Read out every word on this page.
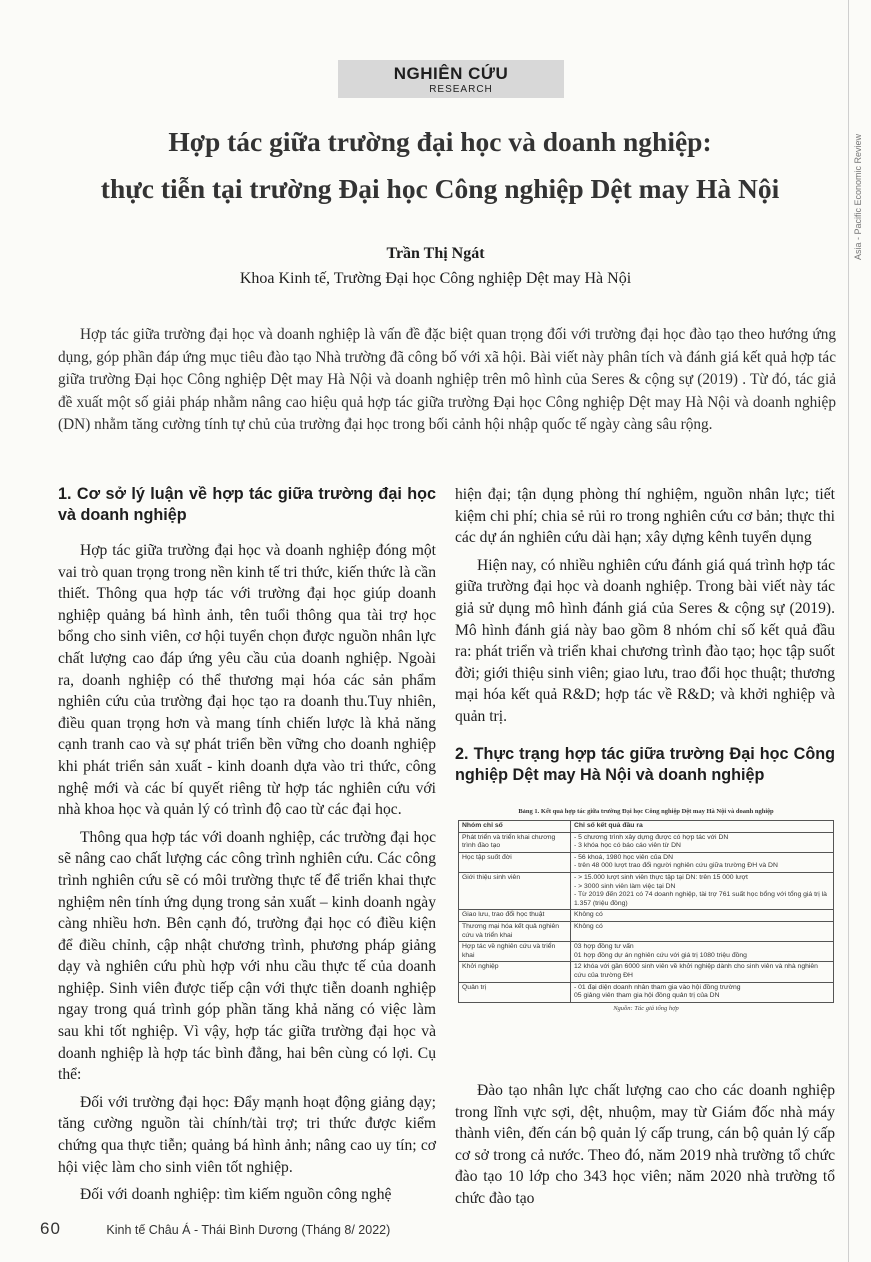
NGHIÊN CỨU
RESEARCH
Asia - Pacific Economic Review
Hợp tác giữa trường đại học và doanh nghiệp:
thực tiễn tại trường Đại học Công nghiệp Dệt may Hà Nội
Trần Thị Ngát
Khoa Kinh tế, Trường Đại học Công nghiệp Dệt may Hà Nội
Hợp tác giữa trường đại học và doanh nghiệp là vấn đề đặc biệt quan trọng đối với trường đại học đào tạo theo hướng ứng dụng, góp phần đáp ứng mục tiêu đào tạo Nhà trường đã công bố với xã hội. Bài viết này phân tích và đánh giá kết quả hợp tác giữa trường Đại học Công nghiệp Dệt may Hà Nội và doanh nghiệp trên mô hình của Seres & cộng sự (2019) . Từ đó, tác giả đề xuất một số giải pháp nhằm nâng cao hiệu quả hợp tác giữa trường Đại học Công nghiệp Dệt may Hà Nội và doanh nghiệp (DN) nhằm tăng cường tính tự chủ của trường đại học trong bối cảnh hội nhập quốc tế ngày càng sâu rộng.
1. Cơ sở lý luận về hợp tác giữa trường đại học và doanh nghiệp

Hợp tác giữa trường đại học và doanh nghiệp đóng một vai trò quan trọng trong nền kinh tế tri thức, kiến thức là cần thiết. Thông qua hợp tác với trường đại học giúp doanh nghiệp quảng bá hình ảnh, tên tuổi thông qua tài trợ học bổng cho sinh viên, cơ hội tuyển chọn được nguồn nhân lực chất lượng cao đáp ứng yêu cầu của doanh nghiệp. Ngoài ra, doanh nghiệp có thể thương mại hóa các sản phẩm nghiên cứu của trường đại học tạo ra doanh thu.Tuy nhiên, điều quan trọng hơn và mang tính chiến lược là khả năng cạnh tranh cao và sự phát triển bền vững cho doanh nghiệp khi phát triển sản xuất - kinh doanh dựa vào tri thức, công nghệ mới và các bí quyết riêng từ hợp tác nghiên cứu với nhà khoa học và quản lý có trình độ cao từ các đại học.

Thông qua hợp tác với doanh nghiệp, các trường đại học sẽ nâng cao chất lượng các công trình nghiên cứu. Các công trình nghiên cứu sẽ có môi trường thực tế để triển khai thực nghiệm nên tính ứng dụng trong sản xuất – kinh doanh ngày càng nhiều hơn. Bên cạnh đó, trường đại học có điều kiện để điều chỉnh, cập nhật chương trình, phương pháp giảng dạy và nghiên cứu phù hợp với nhu cầu thực tế của doanh nghiệp. Sinh viên được tiếp cận với thực tiễn doanh nghiệp ngay trong quá trình góp phần tăng khả năng có việc làm sau khi tốt nghiệp. Vì vậy, hợp tác giữa trường đại học và doanh nghiệp là hợp tác bình đẳng, hai bên cùng có lợi. Cụ thể:

Đối với trường đại học: Đẩy mạnh hoạt động giảng dạy; tăng cường nguồn tài chính/tài trợ; tri thức được kiểm chứng qua thực tiễn; quảng bá hình ảnh; nâng cao uy tín; cơ hội việc làm cho sinh viên tốt nghiệp.

Đối với doanh nghiệp: tìm kiếm nguồn công nghệ

hiện đại; tận dụng phòng thí nghiệm, nguồn nhân lực; tiết kiệm chi phí; chia sẻ rủi ro trong nghiên cứu cơ bản; thực thi các dự án nghiên cứu dài hạn; xây dựng kênh tuyển dụng

Hiện nay, có nhiều nghiên cứu đánh giá quá trình hợp tác giữa trường đại học và doanh nghiệp. Trong bài viết này tác giả sử dụng mô hình đánh giá của Seres & cộng sự (2019). Mô hình đánh giá này bao gồm 8 nhóm chỉ số kết quả đầu ra: phát triển và triển khai chương trình đào tạo; học tập suốt đời; giới thiệu sinh viên; giao lưu, trao đổi học thuật; thương mại hóa kết quả R&D; hợp tác về R&D; và khởi nghiệp và quản trị.

2. Thực trạng hợp tác giữa trường Đại học Công nghiệp Dệt may Hà Nội và doanh nghiệp
Bảng 1. Kết quả hợp tác giữa trường Đại học Công nghiệp Dệt may Hà Nội và doanh nghiệp
Nhóm chỉ số	Chỉ số kết quả đầu ra
Phát triển và triển khai chương trình đào tạo	- 5 chương trình xây dựng được có hợp tác với DN
- 3 khóa học có báo cáo viên từ DN
Học tập suốt đời	- 56 khoá, 1980 học viên của DN
- trên 48 000 lượt trao đổi người nghiên cứu giữa trường ĐH và DN
Giới thiệu sinh viên	- > 15.000 lượt sinh viên thực tập tại DN: trên 15 000 lượt
- > 3000 sinh viên làm việc tại DN
- Từ 2019 đến 2021 có 74 doanh nghiệp, tài trợ 761 suất học bổng với tổng giá trị là 1.357 (triệu đồng)
Giao lưu, trao đổi học thuật	Không có
Thương mại hóa kết quả nghiên cứu và triển khai	Không có
Hợp tác về nghiên cứu và triển khai	03 hợp đồng tư vấn
01 hợp đồng dự án nghiên cứu với giá trị 1080 triệu đồng
Khởi nghiệp	12 khóa với gần 6000 sinh viên về khởi nghiệp dành cho sinh viên và nhà nghiên cứu của trường ĐH
Quản trị	- 01 đại diện doanh nhân tham gia vào hội đồng trường
05 giảng viên tham gia hội đồng quản trị của DN
Nguồn: Tác giả tổng hợp

Đào tạo nhân lực chất lượng cao cho các doanh nghiệp trong lĩnh vực sợi, dệt, nhuộm, may từ Giám đốc nhà máy thành viên, đến cán bộ quản lý cấp trung, cán bộ quản lý cấp cơ sở trong cả nước. Theo đó, năm 2019 nhà trường tổ chức đào tạo 10 lớp cho 343 học viên; năm 2020 nhà trường tổ chức đào tạo

60	Kinh tế Châu Á - Thái Bình Dương (Tháng 8/ 2022)
